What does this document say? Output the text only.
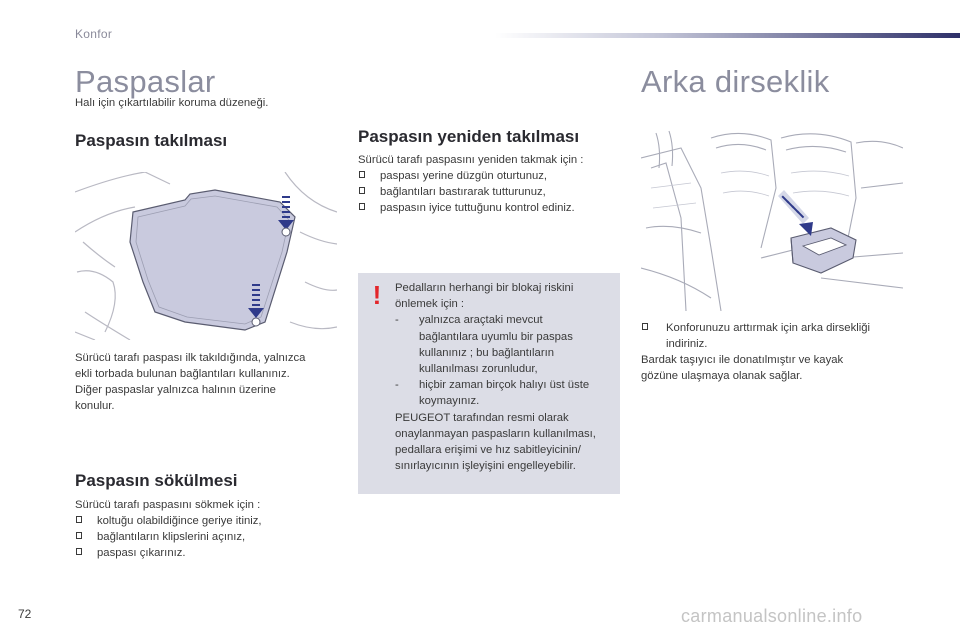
Konfor
Paspaslar
Halı için çıkartılabilir koruma düzeneği.
Paspasın takılması

Sürücü tarafı paspası ilk takıldığında, yalnızca

ekli torbada bulunan bağlantıları kullanınız.

Diğer paspaslar yalnızca halının üzerine

konulur.

Paspasın sökülmesi

Sürücü tarafı paspasını sökmek için :

koltuğu olabildiğince geriye itiniz,
bağlantıların klipslerini açınız,
paspası çıkarınız.
Paspasın yeniden takılması

Sürücü tarafı paspasını yeniden takmak için :

paspası yerine düzgün oturtunuz,
bağlantıları bastırarak tutturunuz,
paspasın iyice tuttuğunu kontrol ediniz.
!	Pedalların herhangi bir blokaj riskini

önlemek için :

-	yalnızca araçtaki mevcut

bağlantılara uyumlu bir paspas

kullanınız ; bu bağlantıların

kullanılması zorunludur,

-	hiçbir zaman birçok halıyı üst üste

koymayınız.

PEUGEOT tarafından resmi olarak

onaylanmayan paspasların kullanılması,

pedallara erişimi ve hız sabitleyicinin/

sınırlayıcının işleyişini engelleyebilir.

Arka dirseklik
Konforunuzu arttırmak için arka dirsekliği
indiriniz.

Bardak taşıyıcı ile donatılmıştır ve kayak

gözüne ulaşmaya olanak sağlar.

72	carmanualsonline.info
